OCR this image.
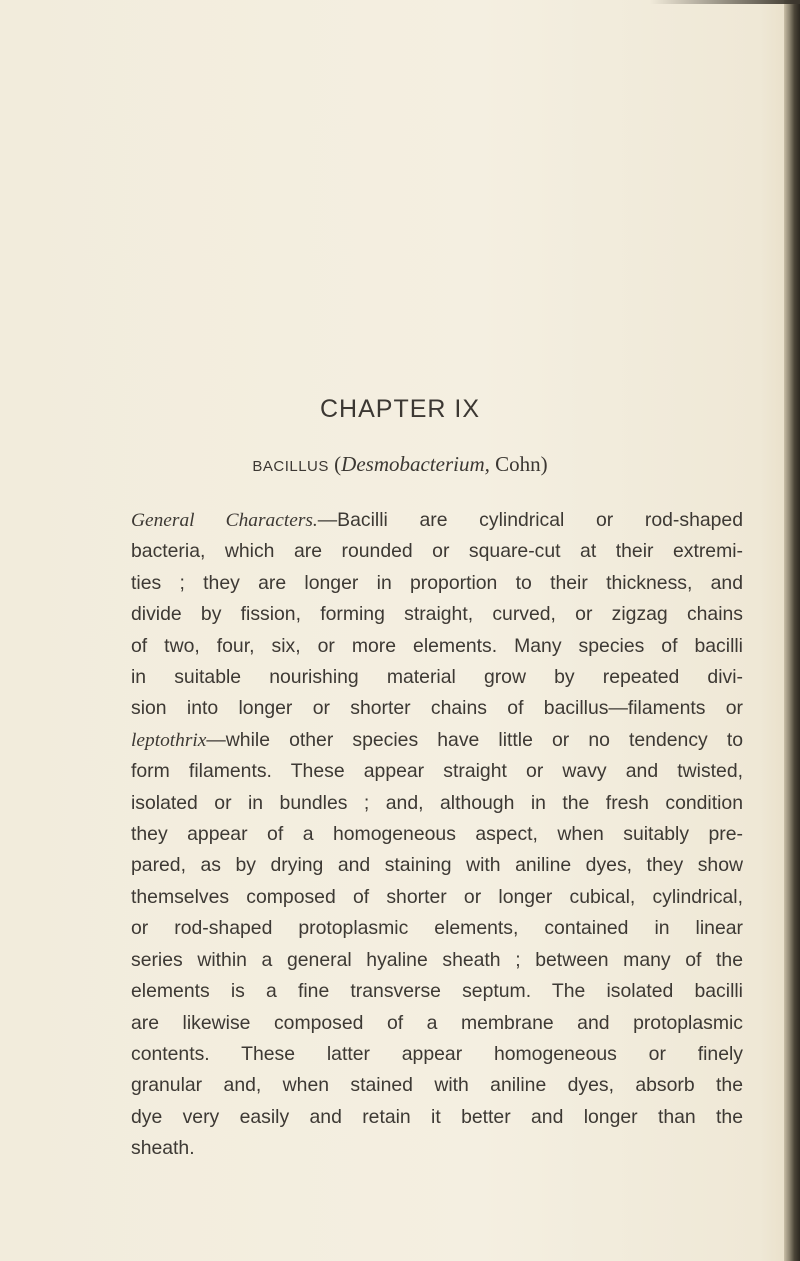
CHAPTER IX
BACILLUS (Desmobacterium, Cohn)
General Characters.—Bacilli are cylindrical or rod-shaped
bacteria, which are rounded or square-cut at their extremi-
ties ; they are longer in proportion to their thickness, and
divide by fission, forming straight, curved, or zigzag chains
of two, four, six, or more elements. Many species of bacilli
in suitable nourishing material grow by repeated divi-
sion into longer or shorter chains of bacillus—filaments or
leptothrix—while other species have little or no tendency to
form filaments. These appear straight or wavy and twisted,
isolated or in bundles ; and, although in the fresh condition
they appear of a homogeneous aspect, when suitably pre-
pared, as by drying and staining with aniline dyes, they show
themselves composed of shorter or longer cubical, cylindrical,
or rod-shaped protoplasmic elements, contained in linear
series within a general hyaline sheath ; between many of the
elements is a fine transverse septum. The isolated bacilli
are likewise composed of a membrane and protoplasmic
contents. These latter appear homogeneous or finely
granular and, when stained with aniline dyes, absorb the
dye very easily and retain it better and longer than the
sheath.
